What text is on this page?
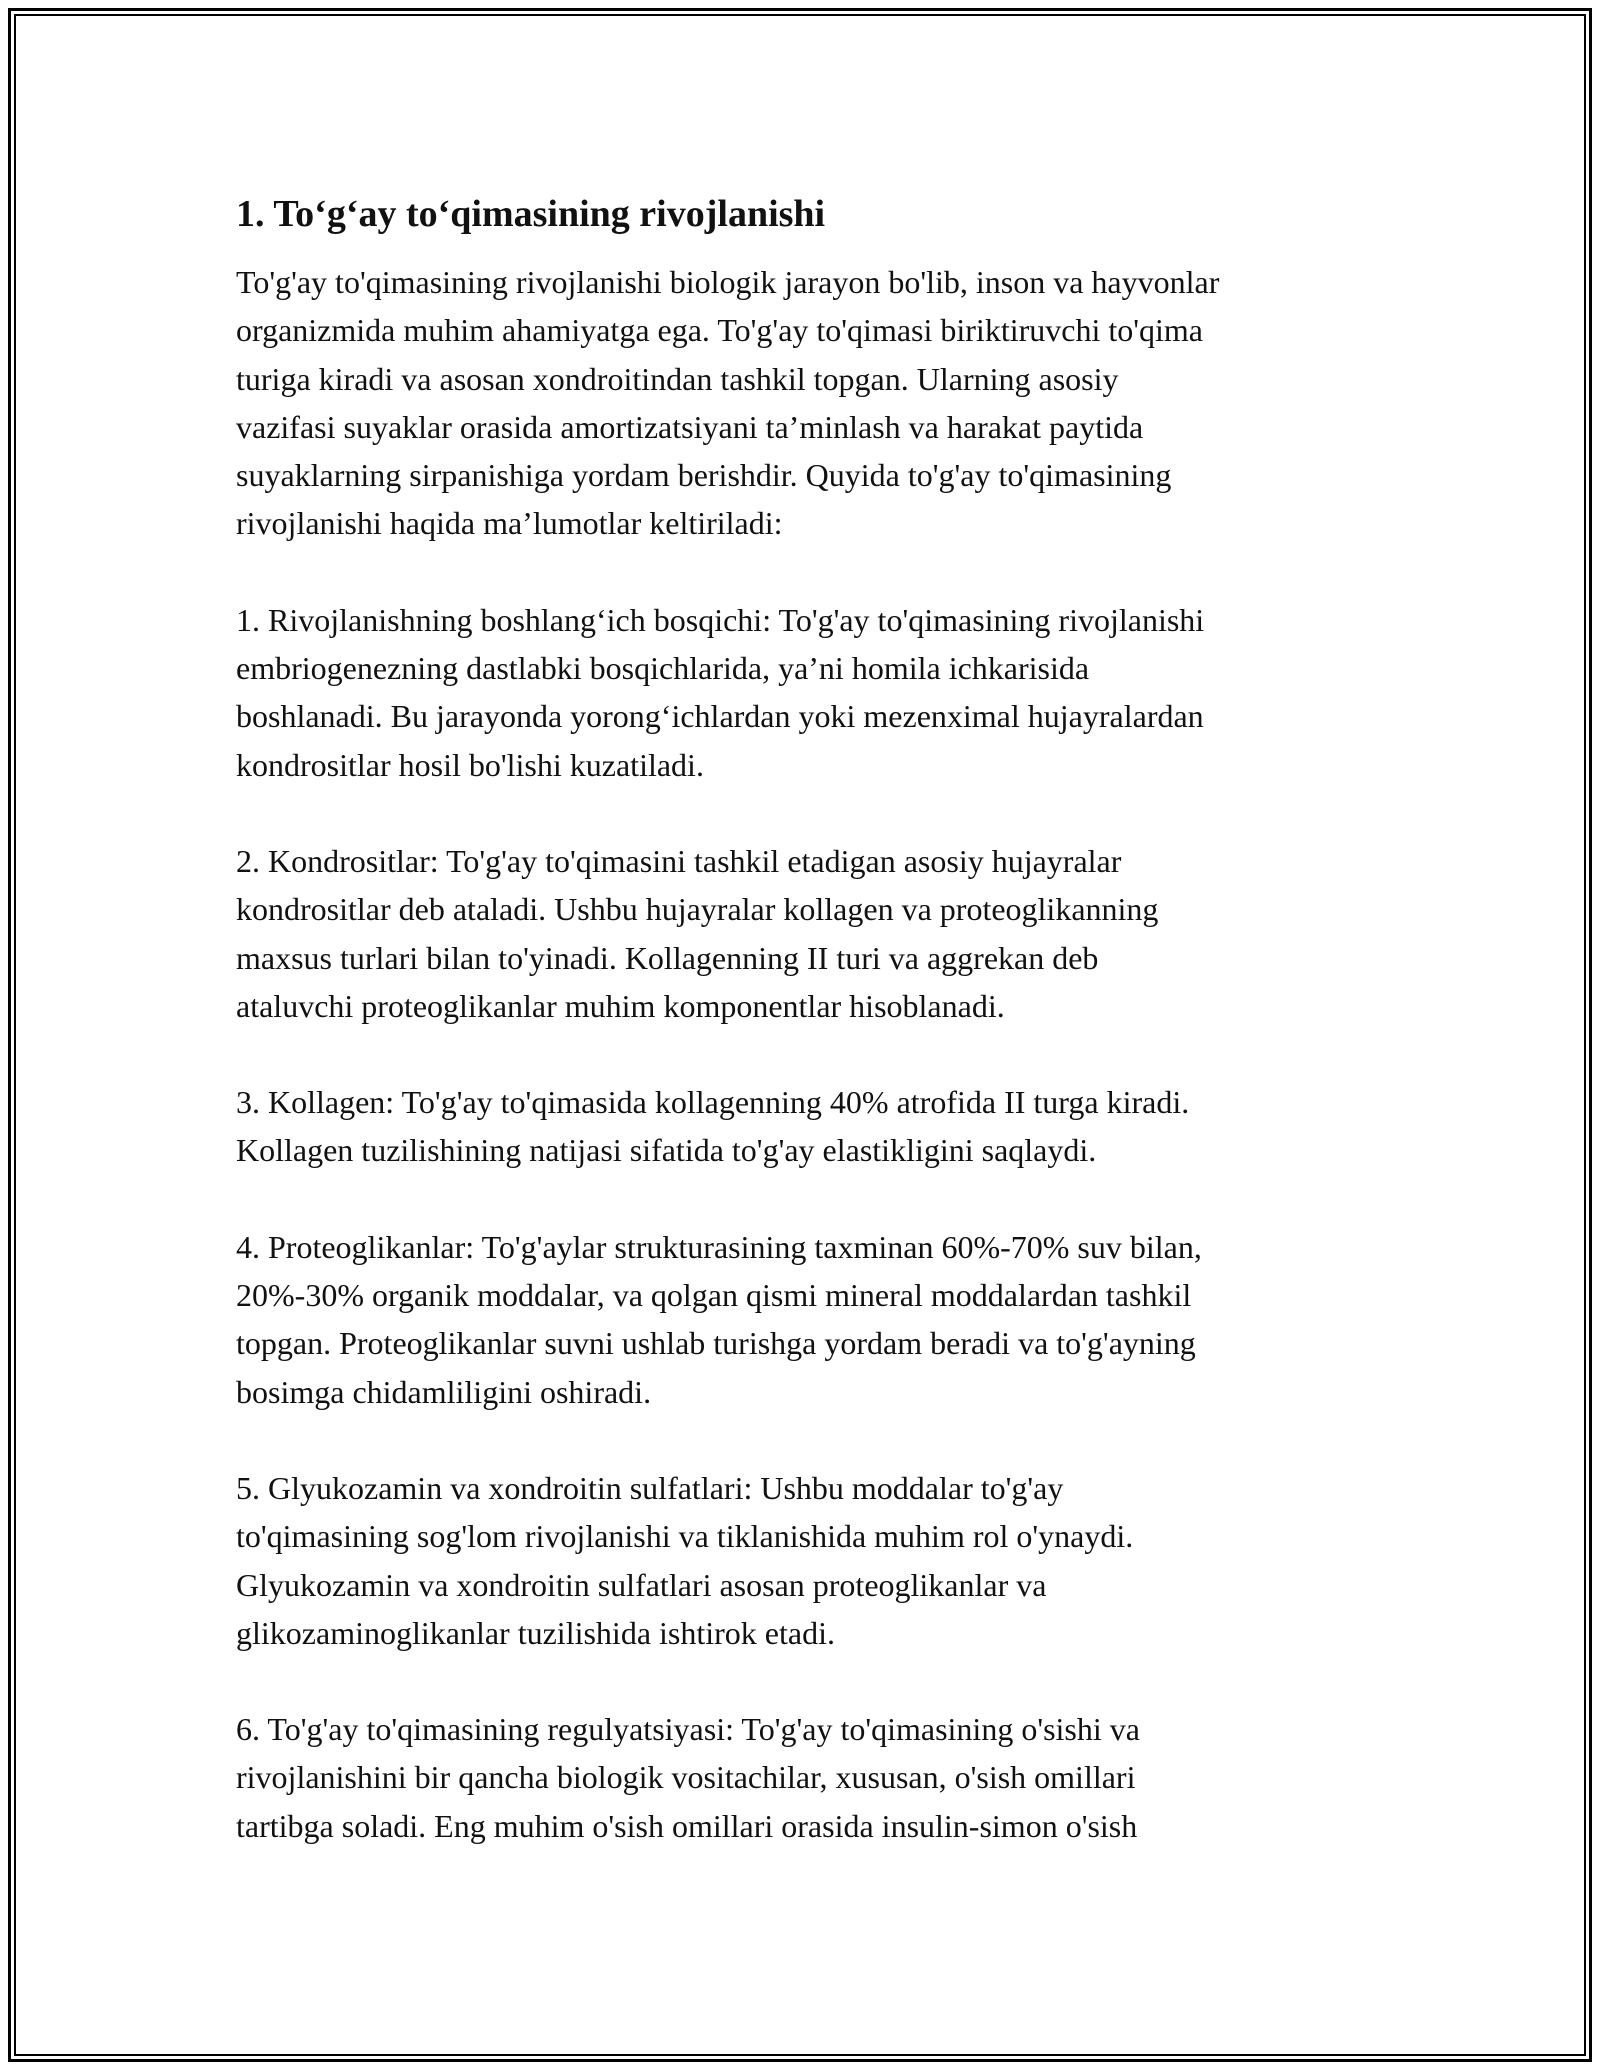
1. To‘g‘ay to‘qimasining rivojlanishi

To'g'ay to'qimasining rivojlanishi biologik jarayon bo'lib, inson va hayvonlar
organizmida muhim ahamiyatga ega. To'g'ay to'qimasi biriktiruvchi to'qima
turiga kiradi va asosan xondroitindan tashkil topgan. Ularning asosiy
vazifasi suyaklar orasida amortizatsiyani ta’minlash va harakat paytida
suyaklarning sirpanishiga yordam berishdir. Quyida to'g'ay to'qimasining
rivojlanishi haqida ma’lumotlar keltiriladi:

1. Rivojlanishning boshlang‘ich bosqichi: To'g'ay to'qimasining rivojlanishi
embriogenezning dastlabki bosqichlarida, ya’ni homila ichkarisida
boshlanadi. Bu jarayonda yorong‘ichlardan yoki mezenximal hujayralardan
kondrositlar hosil bo'lishi kuzatiladi.

2. Kondrositlar: To'g'ay to'qimasini tashkil etadigan asosiy hujayralar
kondrositlar deb ataladi. Ushbu hujayralar kollagen va proteoglikanning
maxsus turlari bilan to'yinadi. Kollagenning II turi va aggrekan deb
ataluvchi proteoglikanlar muhim komponentlar hisoblanadi.

3. Kollagen: To'g'ay to'qimasida kollagenning 40% atrofida II turga kiradi.
Kollagen tuzilishining natijasi sifatida to'g'ay elastikligini saqlaydi.

4. Proteoglikanlar: To'g'aylar strukturasining taxminan 60%-70% suv bilan,
20%-30% organik moddalar, va qolgan qismi mineral moddalardan tashkil
topgan. Proteoglikanlar suvni ushlab turishga yordam beradi va to'g'ayning
bosimga chidamliligini oshiradi.

5. Glyukozamin va xondroitin sulfatlari: Ushbu moddalar to'g'ay
to'qimasining sog'lom rivojlanishi va tiklanishida muhim rol o'ynaydi.
Glyukozamin va xondroitin sulfatlari asosan proteoglikanlar va
glikozaminoglikanlar tuzilishida ishtirok etadi.

6. To'g'ay to'qimasining regulyatsiyasi: To'g'ay to'qimasining o'sishi va
rivojlanishini bir qancha biologik vositachilar, xususan, o'sish omillari
tartibga soladi. Eng muhim o'sish omillari orasida insulin-simon o'sish
